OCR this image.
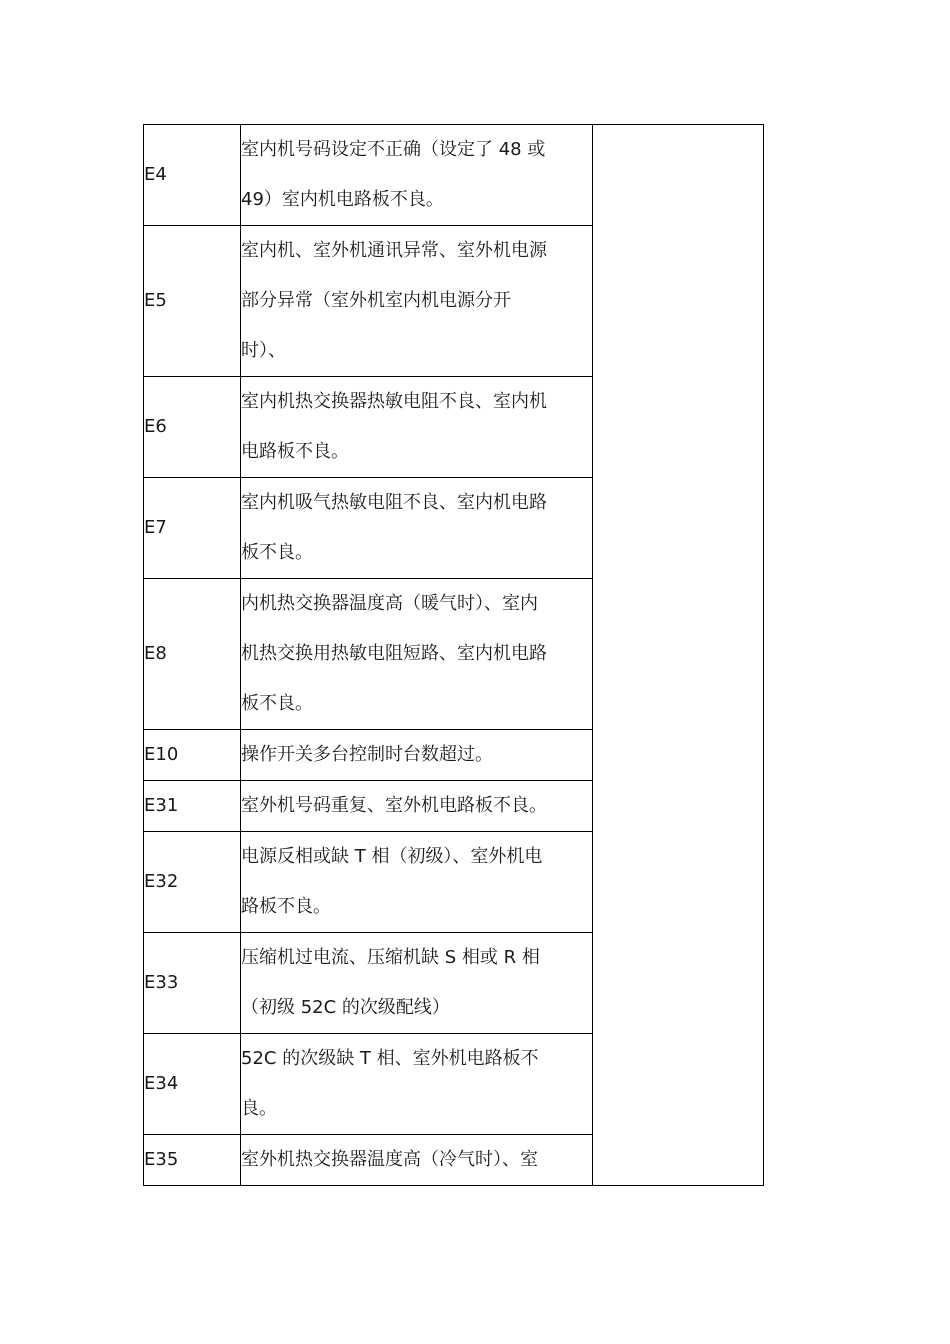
E4	室内机号码设定不正确（设定了 48 或
49）室内机电路板不良。	

E5	室内机、室外机通讯异常、室外机电源
部分异常（室外机室内机电源分开
时）、	

E6	室内机热交换器热敏电阻不良、室内机
电路板不良。	

E7	室内机吸气热敏电阻不良、室内机电路
板不良。	

E8	内机热交换器温度高（暖气时）、室内
机热交换用热敏电阻短路、室内机电路
板不良。	

E10	操作开关多台控制时台数超过。	

E31	室外机号码重复、室外机电路板不良。	

E32	电源反相或缺 T 相（初级）、室外机电
路板不良。	

E33	压缩机过电流、压缩机缺 S 相或 R 相
（初级 52C 的次级配线）	

E34	52C 的次级缺 T 相、室外机电路板不
良。	

E35	室外机热交换器温度高（冷气时）、室	
